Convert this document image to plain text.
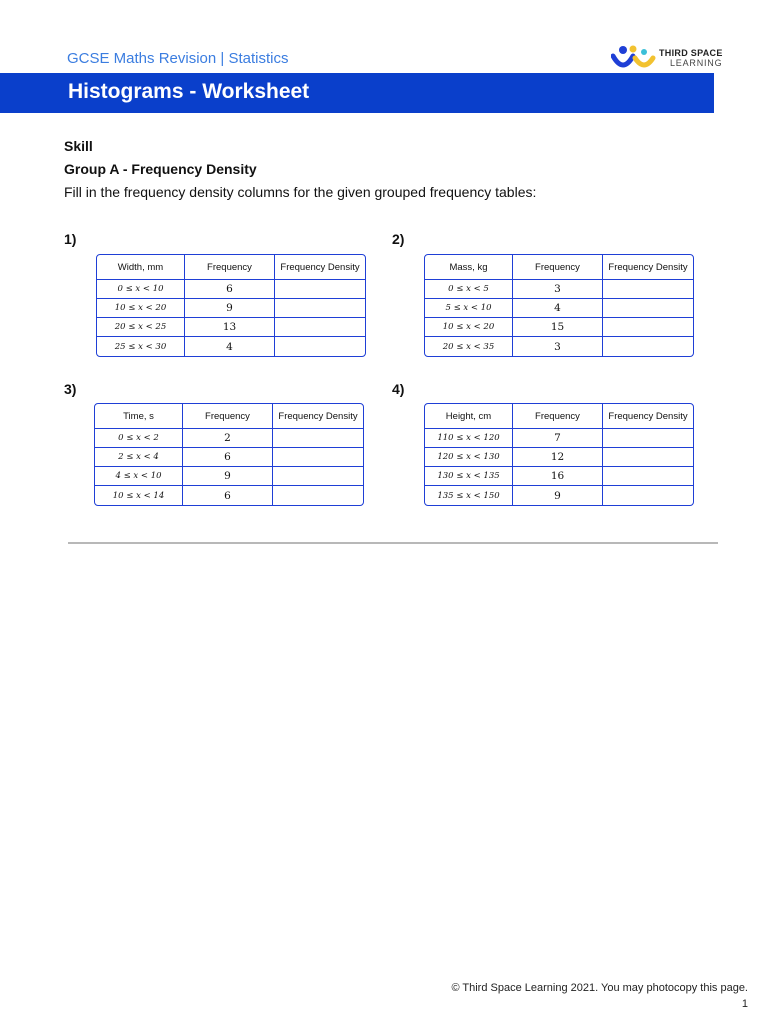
GCSE Maths Revision | Statistics	THIRD SPACE
LEARNING
Histograms - Worksheet
Skill
Group A - Frequency Density
Fill in the frequency density columns for the given grouped frequency tables:
1)
Width, mm	Frequency	Frequency Density
0 ≤ x < 10	6	
10 ≤ x < 20	9	
20 ≤ x < 25	13	
25 ≤ x < 30	4	
2)
Mass, kg	Frequency	Frequency Density
0 ≤ x < 5	3	
5 ≤ x < 10	4	
10 ≤ x < 20	15	
20 ≤ x < 35	3	
3)
Time, s	Frequency	Frequency Density
0 ≤ x < 2	2	
2 ≤ x < 4	6	
4 ≤ x < 10	9	
10 ≤ x < 14	6	
4)
Height, cm	Frequency	Frequency Density
110 ≤ x < 120	7	
120 ≤ x < 130	12	
130 ≤ x < 135	16	
135 ≤ x < 150	9	
© Third Space Learning 2021. You may photocopy this page.
1
